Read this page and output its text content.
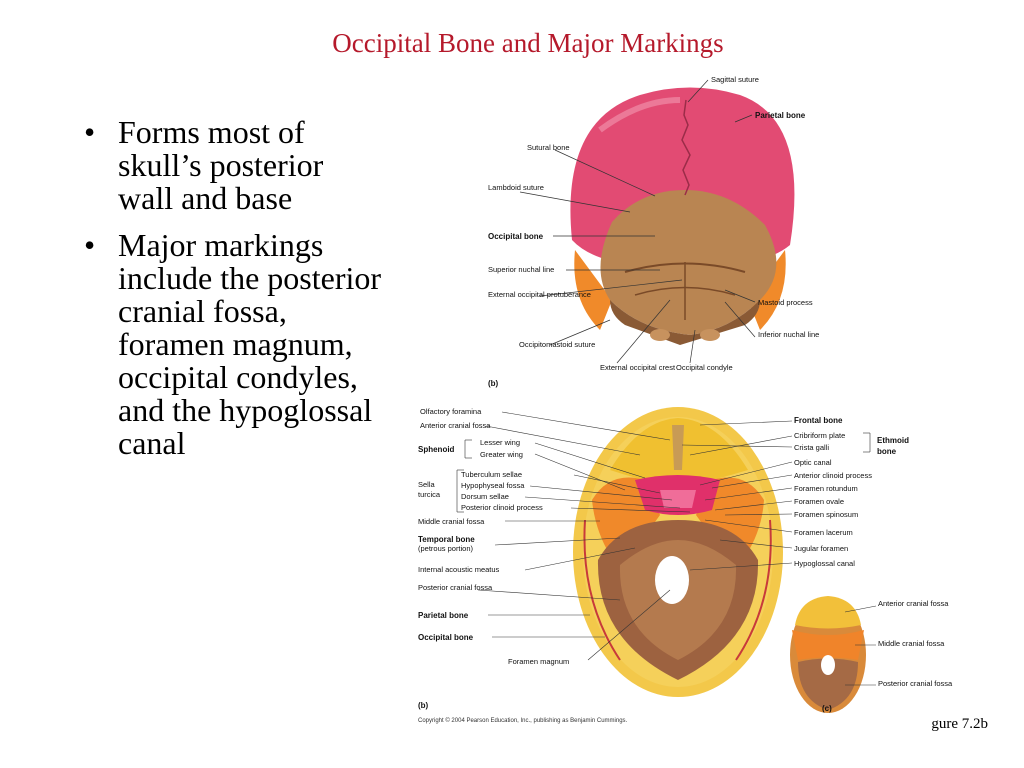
Occipital Bone and Major Markings
• Forms most of skull’s posterior wall and base
• Major markings include the posterior cranial fossa, foramen magnum, occipital condyles, and the hypoglossal canal
gure 7.2b
Sagittal suture
Parietal bone
Sutural bone
Lambdoid suture
Occipital bone
Superior nuchal line
External occipital protuberance
Mastoid process
Inferior nuchal line
Occipitomastoid suture
External occipital crest Occipital condyle
(b)
Olfactory foramina
Anterior cranial fossa
Sphenoid
Lesser wing
Greater wing
Sella
turcica
Tuberculum sellae
Hypophyseal fossa
Dorsum sellae
Posterior clinoid process
Middle cranial fossa
Temporal bone
(petrous portion)
Internal acoustic meatus
Posterior cranial fossa
Parietal bone
Occipital bone
Foramen magnum
Frontal bone
Cribriform plate
Crista galli
Ethmoid
bone
Optic canal
Anterior clinoid process
Foramen rotundum
Foramen ovale
Foramen spinosum
Foramen lacerum
Jugular foramen
Hypoglossal canal
(b)
Copyright © 2004 Pearson Education, Inc., publishing as Benjamin Cummings.
Anterior cranial fossa
Middle cranial fossa
Posterior cranial fossa
(c)
